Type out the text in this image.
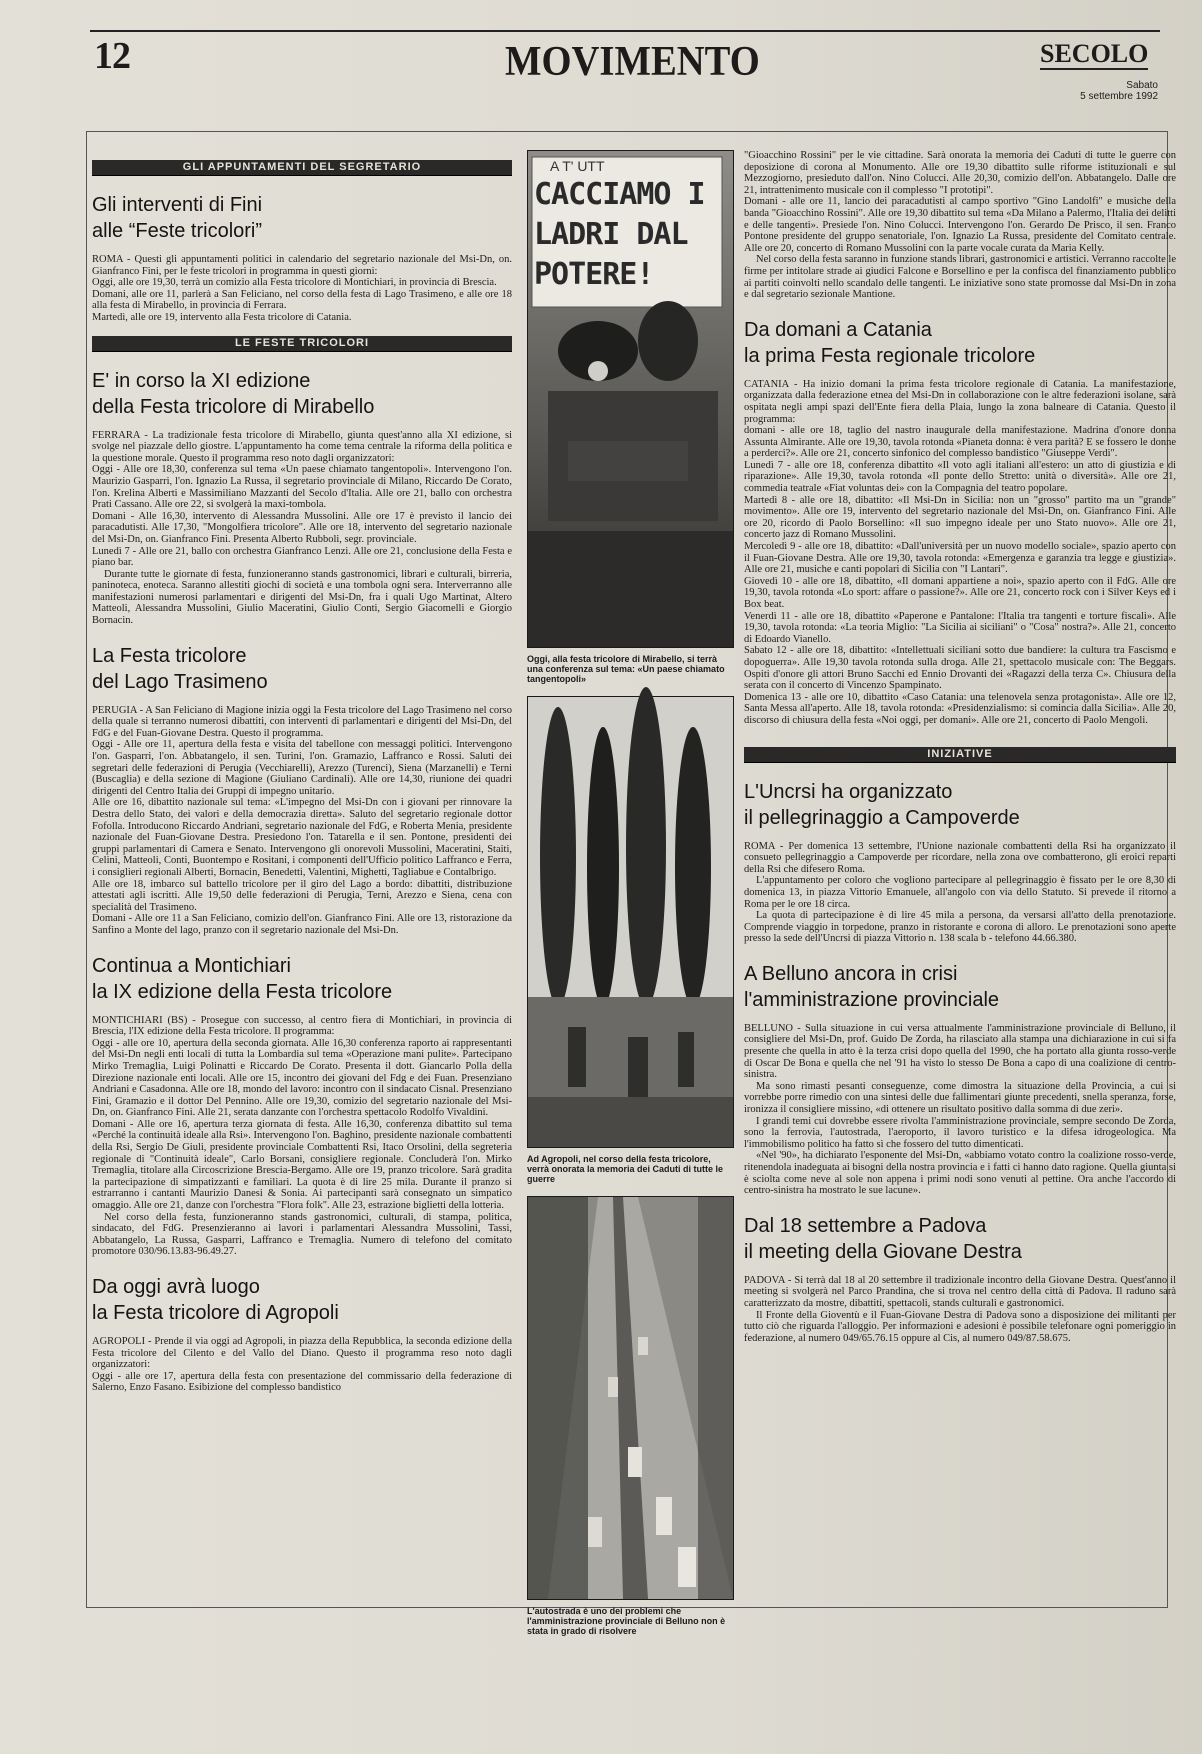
12	MOVIMENTO	SECOLO
Sabato
5 settembre 1992
GLI APPUNTAMENTI DEL SEGRETARIO
Gli interventi di Fini
alle “Feste tricolori”

ROMA - Questi gli appuntamenti politici in calendario del segretario nazionale del Msi-Dn, on. Gianfranco Fini, per le feste tricolori in programma in questi giorni:

Oggi, alle ore 19,30, terrà un comizio alla Festa tricolore di Montichiari, in provincia di Brescia.

Domani, alle ore 11, parlerà a San Feliciano, nel corso della festa di Lago Trasimeno, e alle ore 18 alla festa di Mirabello, in provincia di Ferrara.

Martedì, alle ore 19, intervento alla Festa tricolore di Catania.

LE FESTE TRICOLORI
E' in corso la XI edizione
della Festa tricolore di Mirabello

FERRARA - La tradizionale festa tricolore di Mirabello, giunta quest'anno alla XI edizione, si svolge nel piazzale dello giostre. L'appuntamento ha come tema centrale la riforma della politica e la questione morale. Questo il programma reso noto dagli organizzatori:

Oggi - Alle ore 18,30, conferenza sul tema «Un paese chiamato tangentopoli». Intervengono l'on. Maurizio Gasparri, l'on. Ignazio La Russa, il segretario provinciale di Milano, Riccardo De Corato, l'on. Krelina Alberti e Massimiliano Mazzanti del Secolo d'Italia. Alle ore 21, ballo con orchestra Prati Cassano. Alle ore 22, si svolgerà la maxi-tombola.

Domani - Alle 16,30, intervento di Alessandra Mussolini. Alle ore 17 è previsto il lancio dei paracadutisti. Alle 17,30, "Mongolfiera tricolore". Alle ore 18, intervento del segretario nazionale del Msi-Dn, on. Gianfranco Fini. Presenta Alberto Rubboli, segr. provinciale.

Lunedì 7 - Alle ore 21, ballo con orchestra Gianfranco Lenzi. Alle ore 21, conclusione della Festa e piano bar.

Durante tutte le giornate di festa, funzioneranno stands gastronomici, librari e culturali, birreria, paninoteca, enoteca. Saranno allestiti giochi di società e una tombola ogni sera. Interverranno alle manifestazioni numerosi parlamentari e dirigenti del Msi-Dn, fra i quali Ugo Martinat, Altero Matteoli, Alessandra Mussolini, Giulio Maceratini, Giulio Conti, Sergio Giacomelli e Giorgio Bornacin.

La Festa tricolore
del Lago Trasimeno

PERUGIA - A San Feliciano di Magione inizia oggi la Festa tricolore del Lago Trasimeno nel corso della quale si terranno numerosi dibattiti, con interventi di parlamentari e dirigenti del Msi-Dn, del FdG e del Fuan-Giovane Destra. Questo il programma.

Oggi - Alle ore 11, apertura della festa e visita del tabellone con messaggi politici. Intervengono l'on. Gasparri, l'on. Abbatangelo, il sen. Turini, l'on. Gramazio, Laffranco e Rossi. Saluti dei segretari delle federazioni di Perugia (Vecchiarelli), Arezzo (Turenci), Siena (Marzanelli) e Terni (Buscaglia) e della sezione di Magione (Giuliano Cardinali). Alle ore 14,30, riunione dei quadri dirigenti del Centro Italia dei Gruppi di impegno unitario.

Alle ore 16, dibattito nazionale sul tema: «L'impegno del Msi-Dn con i giovani per rinnovare la Destra dello Stato, dei valori e della democrazia diretta». Saluto del segretario regionale dottor Fofolla. Introducono Riccardo Andriani, segretario nazionale del FdG, e Roberta Menia, presidente nazionale del Fuan-Giovane Destra. Presiedono l'on. Tatarella e il sen. Pontone, presidenti dei gruppi parlamentari di Camera e Senato. Intervengono gli onorevoli Mussolini, Maceratini, Staiti, Celini, Matteoli, Conti, Buontempo e Rositani, i componenti dell'Ufficio politico Laffranco e Ferra, i consiglieri regionali Alberti, Bornacin, Benedetti, Valentini, Mighetti, Tagliabue e Contalbrigo.

Alle ore 18, imbarco sul battello tricolore per il giro del Lago a bordo: dibattiti, distribuzione attestati agli iscritti. Alle 19,50 delle federazioni di Perugia, Terni, Arezzo e Siena, cena con specialità del Trasimeno.

Domani - Alle ore 11 a San Feliciano, comizio dell'on. Gianfranco Fini. Alle ore 13, ristorazione da Sanfino a Monte del lago, pranzo con il segretario nazionale del Msi-Dn.

Continua a Montichiari
la IX edizione della Festa tricolore

MONTICHIARI (BS) - Prosegue con successo, al centro fiera di Montichiari, in provincia di Brescia, l'IX edizione della Festa tricolore. Il programma:

Oggi - alle ore 10, apertura della seconda giornata. Alle 16,30 conferenza raporto ai rappresentanti del Msi-Dn negli enti locali di tutta la Lombardia sul tema «Operazione mani pulite». Partecipano Mirko Tremaglia, Luigi Polinatti e Riccardo De Corato. Presenta il dott. Giancarlo Polla della Direzione nazionale enti locali. Alle ore 15, incontro dei giovani del Fdg e dei Fuan. Presenziano Andriani e Casadonna. Alle ore 18, mondo del lavoro: incontro con il sindacato Cisnal. Presenziano Fini, Gramazio e il dottor Del Pennino. Alle ore 19,30, comizio del segretario nazionale del Msi-Dn, on. Gianfranco Fini. Alle 21, serata danzante con l'orchestra spettacolo Rodolfo Vivaldini.

Domani - Alle ore 16, apertura terza giornata di festa. Alle 16,30, conferenza dibattito sul tema «Perché la continuità ideale alla Rsi». Intervengono l'on. Baghino, presidente nazionale combattenti della Rsi, Sergio De Giuli, presidente provinciale Combattenti Rsi, Itaco Orsolini, della segreteria regionale di "Continuità ideale", Carlo Borsani, consigliere regionale. Concluderà l'on. Mirko Tremaglia, titolare alla Circoscrizione Brescia-Bergamo. Alle ore 19, pranzo tricolore. Sarà gradita la partecipazione di simpatizzanti e familiari. La quota è di lire 25 mila. Durante il pranzo si estrarranno i cantanti Maurizio Danesi & Sonia. Ai partecipanti sarà consegnato un simpatico omaggio. Alle ore 21, danze con l'orchestra "Flora folk". Alle 23, estrazione biglietti della lotteria.

Nel corso della festa, funzioneranno stands gastronomici, culturali, di stampa, politica, sindacato, del FdG. Presenzieranno ai lavori i parlamentari Alessandra Mussolini, Tassi, Abbatangelo, La Russa, Gasparri, Laffranco e Tremaglia. Numero di telefono del comitato promotore 030/96.13.83-96.49.27.

Da oggi avrà luogo
la Festa tricolore di Agropoli

AGROPOLI - Prende il via oggi ad Agropoli, in piazza della Repubblica, la seconda edizione della Festa tricolore del Cilento e del Vallo del Diano. Questo il programma reso noto dagli organizzatori:

Oggi - alle ore 17, apertura della festa con presentazione del commissario della federazione di Salerno, Enzo Fasano. Esibizione del complesso bandistico

A T' UTT
CACCIAMO I LADRI DAL POTERE!
Oggi, alla festa tricolore di Mirabello, si terrà una conferenza sul tema: «Un paese chiamato tangentopoli»
Ad Agropoli, nel corso della festa tricolore, verrà onorata la memoria dei Caduti di tutte le guerre
L'autostrada è uno dei problemi che l'amministrazione provinciale di Belluno non è stata in grado di risolvere

"Gioacchino Rossini" per le vie cittadine. Sarà onorata la memoria dei Caduti di tutte le guerre con deposizione di corona al Monumento. Alle ore 19,30 dibattito sulle riforme istituzionali e sul Mezzogiorno, presieduto dall'on. Nino Colucci. Alle 20,30, comizio dell'on. Abbatangelo. Dalle ore 21, intrattenimento musicale con il complesso "I prototipi".

Domani - alle ore 11, lancio dei paracadutisti al campo sportivo "Gino Landolfi" e musiche della banda "Gioacchino Rossini". Alle ore 19,30 dibattito sul tema «Da Milano a Palermo, l'Italia dei delitti e delle tangenti». Presiede l'on. Nino Colucci. Intervengono l'on. Gerardo De Prisco, il sen. Franco Pontone presidente del gruppo senatoriale, l'on. Ignazio La Russa, presidente del Comitato centrale. Alle ore 20, concerto di Romano Mussolini con la parte vocale curata da Maria Kelly.

Nel corso della festa saranno in funzione stands librari, gastronomici e artistici. Verranno raccolte le firme per intitolare strade ai giudici Falcone e Borsellino e per la confisca del finanziamento pubblico ai partiti coinvolti nello scandalo delle tangenti. Le iniziative sono state promosse dal Msi-Dn in zona e dal segretario sezionale Mantione.

Da domani a Catania
la prima Festa regionale tricolore

CATANIA - Ha inizio domani la prima festa tricolore regionale di Catania. La manifestazione, organizzata dalla federazione etnea del Msi-Dn in collaborazione con le altre federazioni isolane, sarà ospitata negli ampi spazi dell'Ente fiera della Plaia, lungo la zona balneare di Catania. Questo il programma:

domani - alle ore 18, taglio del nastro inaugurale della manifestazione. Madrina d'onore donna Assunta Almirante. Alle ore 19,30, tavola rotonda «Pianeta donna: è vera parità? E se fossero le donne a perderci?». Alle ore 21, concerto sinfonico del complesso bandistico "Giuseppe Verdi".

Lunedì 7 - alle ore 18, conferenza dibattito «Il voto agli italiani all'estero: un atto di giustizia e di riparazione». Alle 19,30, tavola rotonda «Il ponte dello Stretto: unità o diversità». Alle ore 21, commedia teatrale «Fiat voluntas dei» con la Compagnia del teatro popolare.

Martedì 8 - alle ore 18, dibattito: «Il Msi-Dn in Sicilia: non un "grosso" partito ma un "grande" movimento». Alle ore 19, intervento del segretario nazionale del Msi-Dn, on. Gianfranco Fini. Alle ore 20, ricordo di Paolo Borsellino: «Il suo impegno ideale per uno Stato nuovo». Alle ore 21, concerto jazz di Romano Mussolini.

Mercoledì 9 - alle ore 18, dibattito: «Dall'università per un nuovo modello sociale», spazio aperto con il Fuan-Giovane Destra. Alle ore 19,30, tavola rotonda: «Emergenza e garanzia tra legge e giustizia». Alle ore 21, musiche e canti popolari di Sicilia con "I Lantari".

Giovedì 10 - alle ore 18, dibattito, «Il domani appartiene a noi», spazio aperto con il FdG. Alle ore 19,30, tavola rotonda «Lo sport: affare o passione?». Alle ore 21, concerto rock con i Silver Keys ed i Box beat.

Venerdì 11 - alle ore 18, dibattito «Paperone e Pantalone: l'Italia tra tangenti e torture fiscali». Alle 19,30, tavola rotonda: «La teoria Miglio: "La Sicilia ai siciliani" o "Cosa" nostra?». Alle 21, concerto di Edoardo Vianello.

Sabato 12 - alle ore 18, dibattito: «Intellettuali siciliani sotto due bandiere: la cultura tra Fascismo e dopoguerra». Alle 19,30 tavola rotonda sulla droga. Alle 21, spettacolo musicale con: The Beggars. Ospiti d'onore gli attori Bruno Sacchi ed Ennio Drovanti dei «Ragazzi della terza C». Chiusura della serata con il concerto di Vincenzo Spampinato.

Domenica 13 - alle ore 10, dibattito «Caso Catania: una telenovela senza protagonista». Alle ore 12, Santa Messa all'aperto. Alle 18, tavola rotonda: «Presidenzialismo: si comincia dalla Sicilia». Alle 20, discorso di chiusura della festa «Noi oggi, per domani». Alle ore 21, concerto di Paolo Mengoli.

INIZIATIVE
L'Uncrsi ha organizzato
il pellegrinaggio a Campoverde

ROMA - Per domenica 13 settembre, l'Unione nazionale combattenti della Rsi ha organizzato il consueto pellegrinaggio a Campoverde per ricordare, nella zona ove combatterono, gli eroici reparti della Rsi che difesero Roma.

L'appuntamento per coloro che vogliono partecipare al pellegrinaggio è fissato per le ore 8,30 di domenica 13, in piazza Vittorio Emanuele, all'angolo con via dello Statuto. Si prevede il ritorno a Roma per le ore 18 circa.

La quota di partecipazione è di lire 45 mila a persona, da versarsi all'atto della prenotazione. Comprende viaggio in torpedone, pranzo in ristorante e corona di alloro. Le prenotazioni sono aperte presso la sede dell'Uncrsi di piazza Vittorio n. 138 scala b - telefono 44.66.380.

A Belluno ancora in crisi
l'amministrazione provinciale

BELLUNO - Sulla situazione in cui versa attualmente l'amministrazione provinciale di Belluno, il consigliere del Msi-Dn, prof. Guido De Zorda, ha rilasciato alla stampa una dichiarazione in cui si fa presente che quella in atto è la terza crisi dopo quella del 1990, che ha portato alla giunta rosso-verde di Oscar De Bona e quella che nel '91 ha visto lo stesso De Bona a capo di una coalizione di centro-sinistra.

Ma sono rimasti pesanti conseguenze, come dimostra la situazione della Provincia, a cui si vorrebbe porre rimedio con una sintesi delle due fallimentari giunte precedenti, snella speranza, forse, ironizza il consigliere missino, «di ottenere un risultato positivo dalla somma di due zeri».

I grandi temi cui dovrebbe essere rivolta l'amministrazione provinciale, sempre secondo De Zorda, sono la ferrovia, l'autostrada, l'aeroporto, il lavoro turistico e la difesa idrogeologica. Ma l'immobilismo politico ha fatto sì che fossero del tutto dimenticati.

«Nel '90», ha dichiarato l'esponente del Msi-Dn, «abbiamo votato contro la coalizione rosso-verde, ritenendola inadeguata ai bisogni della nostra provincia e i fatti ci hanno dato ragione. Quella giunta si è sciolta come neve al sole non appena i primi nodi sono venuti al pettine. Ora anche l'accordo di centro-sinistra ha mostrato le sue lacune».

Dal 18 settembre a Padova
il meeting della Giovane Destra

PADOVA - Si terrà dal 18 al 20 settembre il tradizionale incontro della Giovane Destra. Quest'anno il meeting si svolgerà nel Parco Prandina, che si trova nel centro della città di Padova. Il raduno sarà caratterizzato da mostre, dibattiti, spettacoli, stands culturali e gastronomici.

Il Fronte della Gioventù e il Fuan-Giovane Destra di Padova sono a disposizione dei militanti per tutto ciò che riguarda l'alloggio. Per informazioni e adesioni è possibile telefonare ogni pomeriggio in federazione, al numero 049/65.76.15 oppure al Cis, al numero 049/87.58.675.
